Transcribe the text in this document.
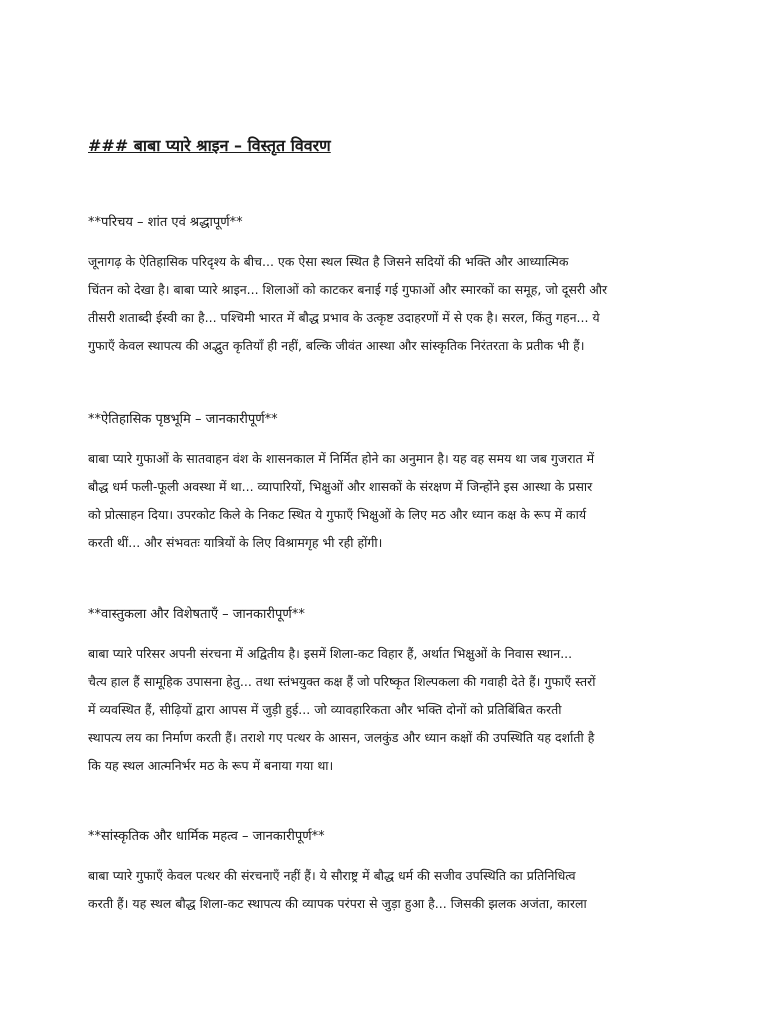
### बाबा प्यारे श्राइन – विस्तृत विवरण

**परिचय – शांत एवं श्रद्धापूर्ण**

जूनागढ़ के ऐतिहासिक परिदृश्य के बीच... एक ऐसा स्थल स्थित है जिसने सदियों की भक्ति और आध्यात्मिक
चिंतन को देखा है। बाबा प्यारे श्राइन... शिलाओं को काटकर बनाई गई गुफाओं और स्मारकों का समूह, जो दूसरी और
तीसरी शताब्दी ईस्वी का है... पश्चिमी भारत में बौद्ध प्रभाव के उत्कृष्ट उदाहरणों में से एक है। सरल, किंतु गहन... ये
गुफाएँ केवल स्थापत्य की अद्भुत कृतियाँ ही नहीं, बल्कि जीवंत आस्था और सांस्कृतिक निरंतरता के प्रतीक भी हैं।

**ऐतिहासिक पृष्ठभूमि – जानकारीपूर्ण**

बाबा प्यारे गुफाओं के सातवाहन वंश के शासनकाल में निर्मित होने का अनुमान है। यह वह समय था जब गुजरात में
बौद्ध धर्म फली-फूली अवस्था में था... व्यापारियों, भिक्षुओं और शासकों के संरक्षण में जिन्होंने इस आस्था के प्रसार
को प्रोत्साहन दिया। उपरकोट किले के निकट स्थित ये गुफाएँ भिक्षुओं के लिए मठ और ध्यान कक्ष के रूप में कार्य
करती थीं... और संभवतः यात्रियों के लिए विश्रामगृह भी रही होंगी।

**वास्तुकला और विशेषताएँ – जानकारीपूर्ण**

बाबा प्यारे परिसर अपनी संरचना में अद्वितीय है। इसमें शिला-कट विहार हैं, अर्थात भिक्षुओं के निवास स्थान...
चैत्य हाल हैं सामूहिक उपासना हेतु... तथा स्तंभयुक्त कक्ष हैं जो परिष्कृत शिल्पकला की गवाही देते हैं। गुफाएँ स्तरों
में व्यवस्थित हैं, सीढ़ियों द्वारा आपस में जुड़ी हुई... जो व्यावहारिकता और भक्ति दोनों को प्रतिबिंबित करती
स्थापत्य लय का निर्माण करती हैं। तराशे गए पत्थर के आसन, जलकुंड और ध्यान कक्षों की उपस्थिति यह दर्शाती है
कि यह स्थल आत्मनिर्भर मठ के रूप में बनाया गया था।

**सांस्कृतिक और धार्मिक महत्व – जानकारीपूर्ण**

बाबा प्यारे गुफाएँ केवल पत्थर की संरचनाएँ नहीं हैं। ये सौराष्ट्र में बौद्ध धर्म की सजीव उपस्थिति का प्रतिनिधित्व
करती हैं। यह स्थल बौद्ध शिला-कट स्थापत्य की व्यापक परंपरा से जुड़ा हुआ है... जिसकी झलक अजंता, कारला
